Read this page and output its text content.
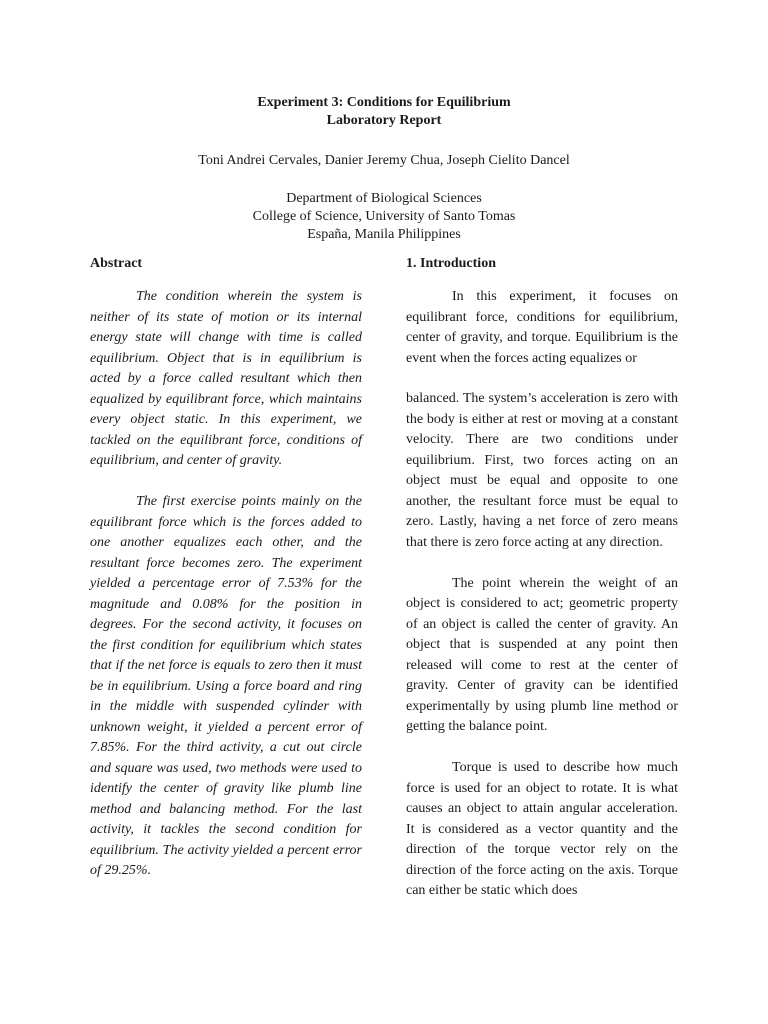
Experiment 3: Conditions for Equilibrium

Laboratory Report

Toni Andrei Cervales, Danier Jeremy Chua, Joseph Cielito Dancel
Department of Biological Sciences
College of Science, University of Santo Tomas
España, Manila Philippines

Abstract

The condition wherein the system is neither of its state of motion or its internal energy state will change with time is called equilibrium. Object that is in equilibrium is acted by a force called resultant which then equalized by equilibrant force, which maintains every object static. In this experiment, we tackled on the equilibrant force, conditions of equilibrium, and center of gravity.

The first exercise points mainly on the equilibrant force which is the forces added to one another equalizes each other, and the resultant force becomes zero. The experiment yielded a percentage error of 7.53% for the magnitude and 0.08% for the position in degrees. For the second activity, it focuses on the first condition for equilibrium which states that if the net force is equals to zero then it must be in equilibrium. Using a force board and ring in the middle with suspended cylinder with unknown weight, it yielded a percent error of 7.85%. For the third activity, a cut out circle and square was used, two methods were used to identify the center of gravity like plumb line method and balancing method. For the last activity, it tackles the second condition for equilibrium. The activity yielded a percent error of 29.25%.

1. Introduction

In this experiment, it focuses on equilibrant force, conditions for equilibrium, center of gravity, and torque. Equilibrium is the event when the forces acting equalizes or

balanced. The system’s acceleration is zero with the body is either at rest or moving at a constant velocity. There are two conditions under equilibrium. First, two forces acting on an object must be equal and opposite to one another, the resultant force must be equal to zero. Lastly, having a net force of zero means that there is zero force acting at any direction.

The point wherein the weight of an object is considered to act; geometric property of an object is called the center of gravity. An object that is suspended at any point then released will come to rest at the center of gravity. Center of gravity can be identified experimentally by using plumb line method or getting the balance point.

Torque is used to describe how much force is used for an object to rotate. It is what causes an object to attain angular acceleration. It is considered as a vector quantity and the direction of the torque vector rely on the direction of the force acting on the axis. Torque can either be static which does
